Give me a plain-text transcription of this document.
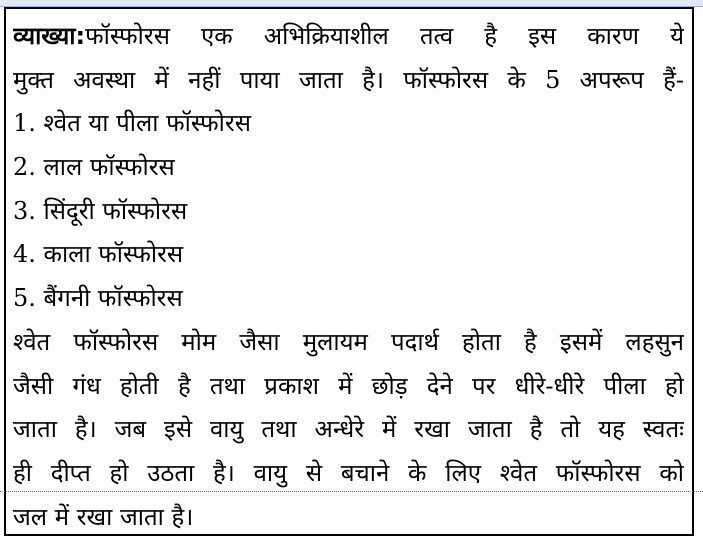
व्याख्या:फॉस्फोरस एक अभिक्रियाशील तत्व है इस कारण ये
मुक्त अवस्था में नहीं पाया जाता है। फॉस्फोरस के 5 अपरूप हैं-
1. श्वेत या पीला फॉस्फोरस
2. लाल फॉस्फोरस
3. सिंदूरी फॉस्फोरस
4. काला फॉस्फोरस
5. बैंगनी फॉस्फोरस
श्वेत फॉस्फोरस मोम जैसा मुलायम पदार्थ होता है इसमें लहसुन
जैसी गंध होती है तथा प्रकाश में छोड़ देने पर धीरे-धीरे पीला हो
जाता है। जब इसे वायु तथा अन्धेरे में रखा जाता है तो यह स्वतः
ही दीप्त हो उठता है। वायु से बचाने के लिए श्वेत फॉस्फोरस को
जल में रखा जाता है।
